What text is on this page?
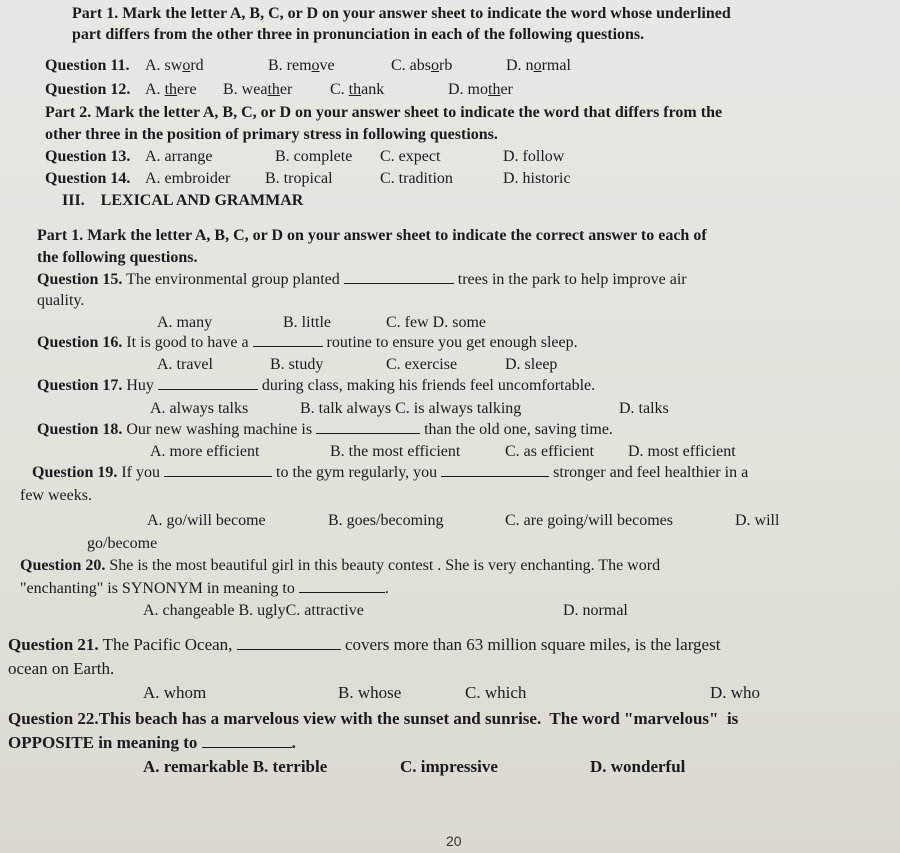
Part 1. Mark the letter A, B, C, or D on your answer sheet to indicate the word whose underlined
part differs from the other three in pronunciation in each of the following questions.
Question 11. A. sword	B. remove	C. absorb	D. normal
Question 12. A. there B. weather C. thank	D. mother
Part 2. Mark the letter A, B, C, or D on your answer sheet to indicate the word that differs from the
other three in the position of primary stress in following questions.
Question 13. A. arrange	B. complete C. expect	D. follow
Question 14. A. embroider B. tropical	C. tradition	D. historic
III.    LEXICAL AND GRAMMAR
Part 1. Mark the letter A, B, C, or D on your answer sheet to indicate the correct answer to each of
the following questions.
Question 15. The environmental group planted	trees in the park to help improve air
quality.
A. many	B. little	C. few D. some
Question 16. It is good to have a	routine to ensure you get enough sleep.
A. travel	B. study	C. exercise	D. sleep
Question 17. Huy	during class, making his friends feel uncomfortable.
A. always talks	B. talk always C. is always talking	D. talks
Question 18. Our new washing machine is	than the old one, saving time.
A. more efficient	B. the most efficient	C. as efficient D. most efficient
Question 19. If you	to the gym regularly, you	stronger and feel healthier in a
few weeks.
A. go/will become	B. goes/becoming	C. are going/will becomes	D. will
go/become
Question 20. She is the most beautiful girl in this beauty contest . She is very enchanting. The word
"enchanting" is SYNONYM in meaning to	.
A. changeable B. uglyC. attractive	D. normal
Question 21. The Pacific Ocean,	covers more than 63 million square miles, is the largest
ocean on Earth.
A. whom	B. whose	C. which	D. who
Question 22.This beach has a marvelous view with the sunset and sunrise.  The word "marvelous"  is
OPPOSITE in meaning to	.
A. remarkable B. terrible	C. impressive	D. wonderful
20
